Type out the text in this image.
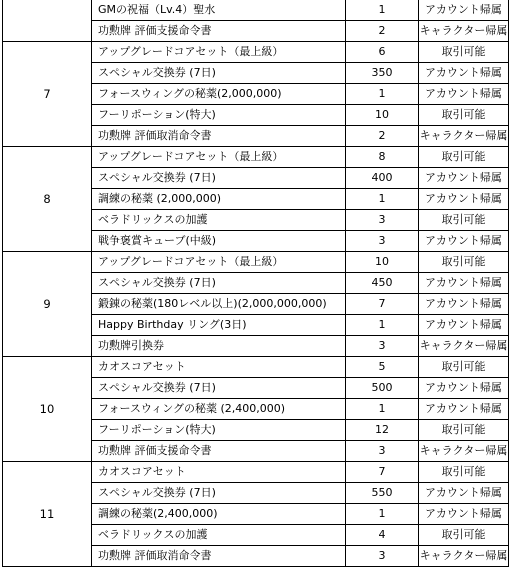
	GMの祝福（Lv.4）聖水	1	アカウント帰属
	功勲牌 評価支援命令書	2	キャラクター帰属
7	アップグレードコアセット（最上級）	6	取引可能
	スペシャル交換券 (7日)	350	アカウント帰属
	フォースウィングの秘薬(2,000,000)	1	アカウント帰属
	フーリポーション(特大)	10	取引可能
	功勲牌 評価取消命令書	2	キャラクター帰属
8	アップグレードコアセット（最上級）	8	取引可能
	スペシャル交換券 (7日)	400	アカウント帰属
	調練の秘薬 (2,000,000)	1	アカウント帰属
	ベラドリックスの加護	3	取引可能
	戦争褒賞キューブ(中級)	3	アカウント帰属
9	アップグレードコアセット（最上級）	10	取引可能
	スペシャル交換券 (7日)	450	アカウント帰属
	鍛錬の秘薬(180レベル以上)(2,000,000,000)	7	アカウント帰属
	Happy Birthday リング(3日)	1	アカウント帰属
	功勲牌引換券	3	キャラクター帰属
10	カオスコアセット	5	取引可能
	スペシャル交換券 (7日)	500	アカウント帰属
	フォースウィングの秘薬 (2,400,000)	1	アカウント帰属
	フーリポーション(特大)	12	取引可能
	功勲牌 評価支援命令書	3	キャラクター帰属
11	カオスコアセット	7	取引可能
	スペシャル交換券 (7日)	550	アカウント帰属
	調練の秘薬(2,400,000)	1	アカウント帰属
	ベラドリックスの加護	4	取引可能
	功勲牌 評価取消命令書	3	キャラクター帰属
